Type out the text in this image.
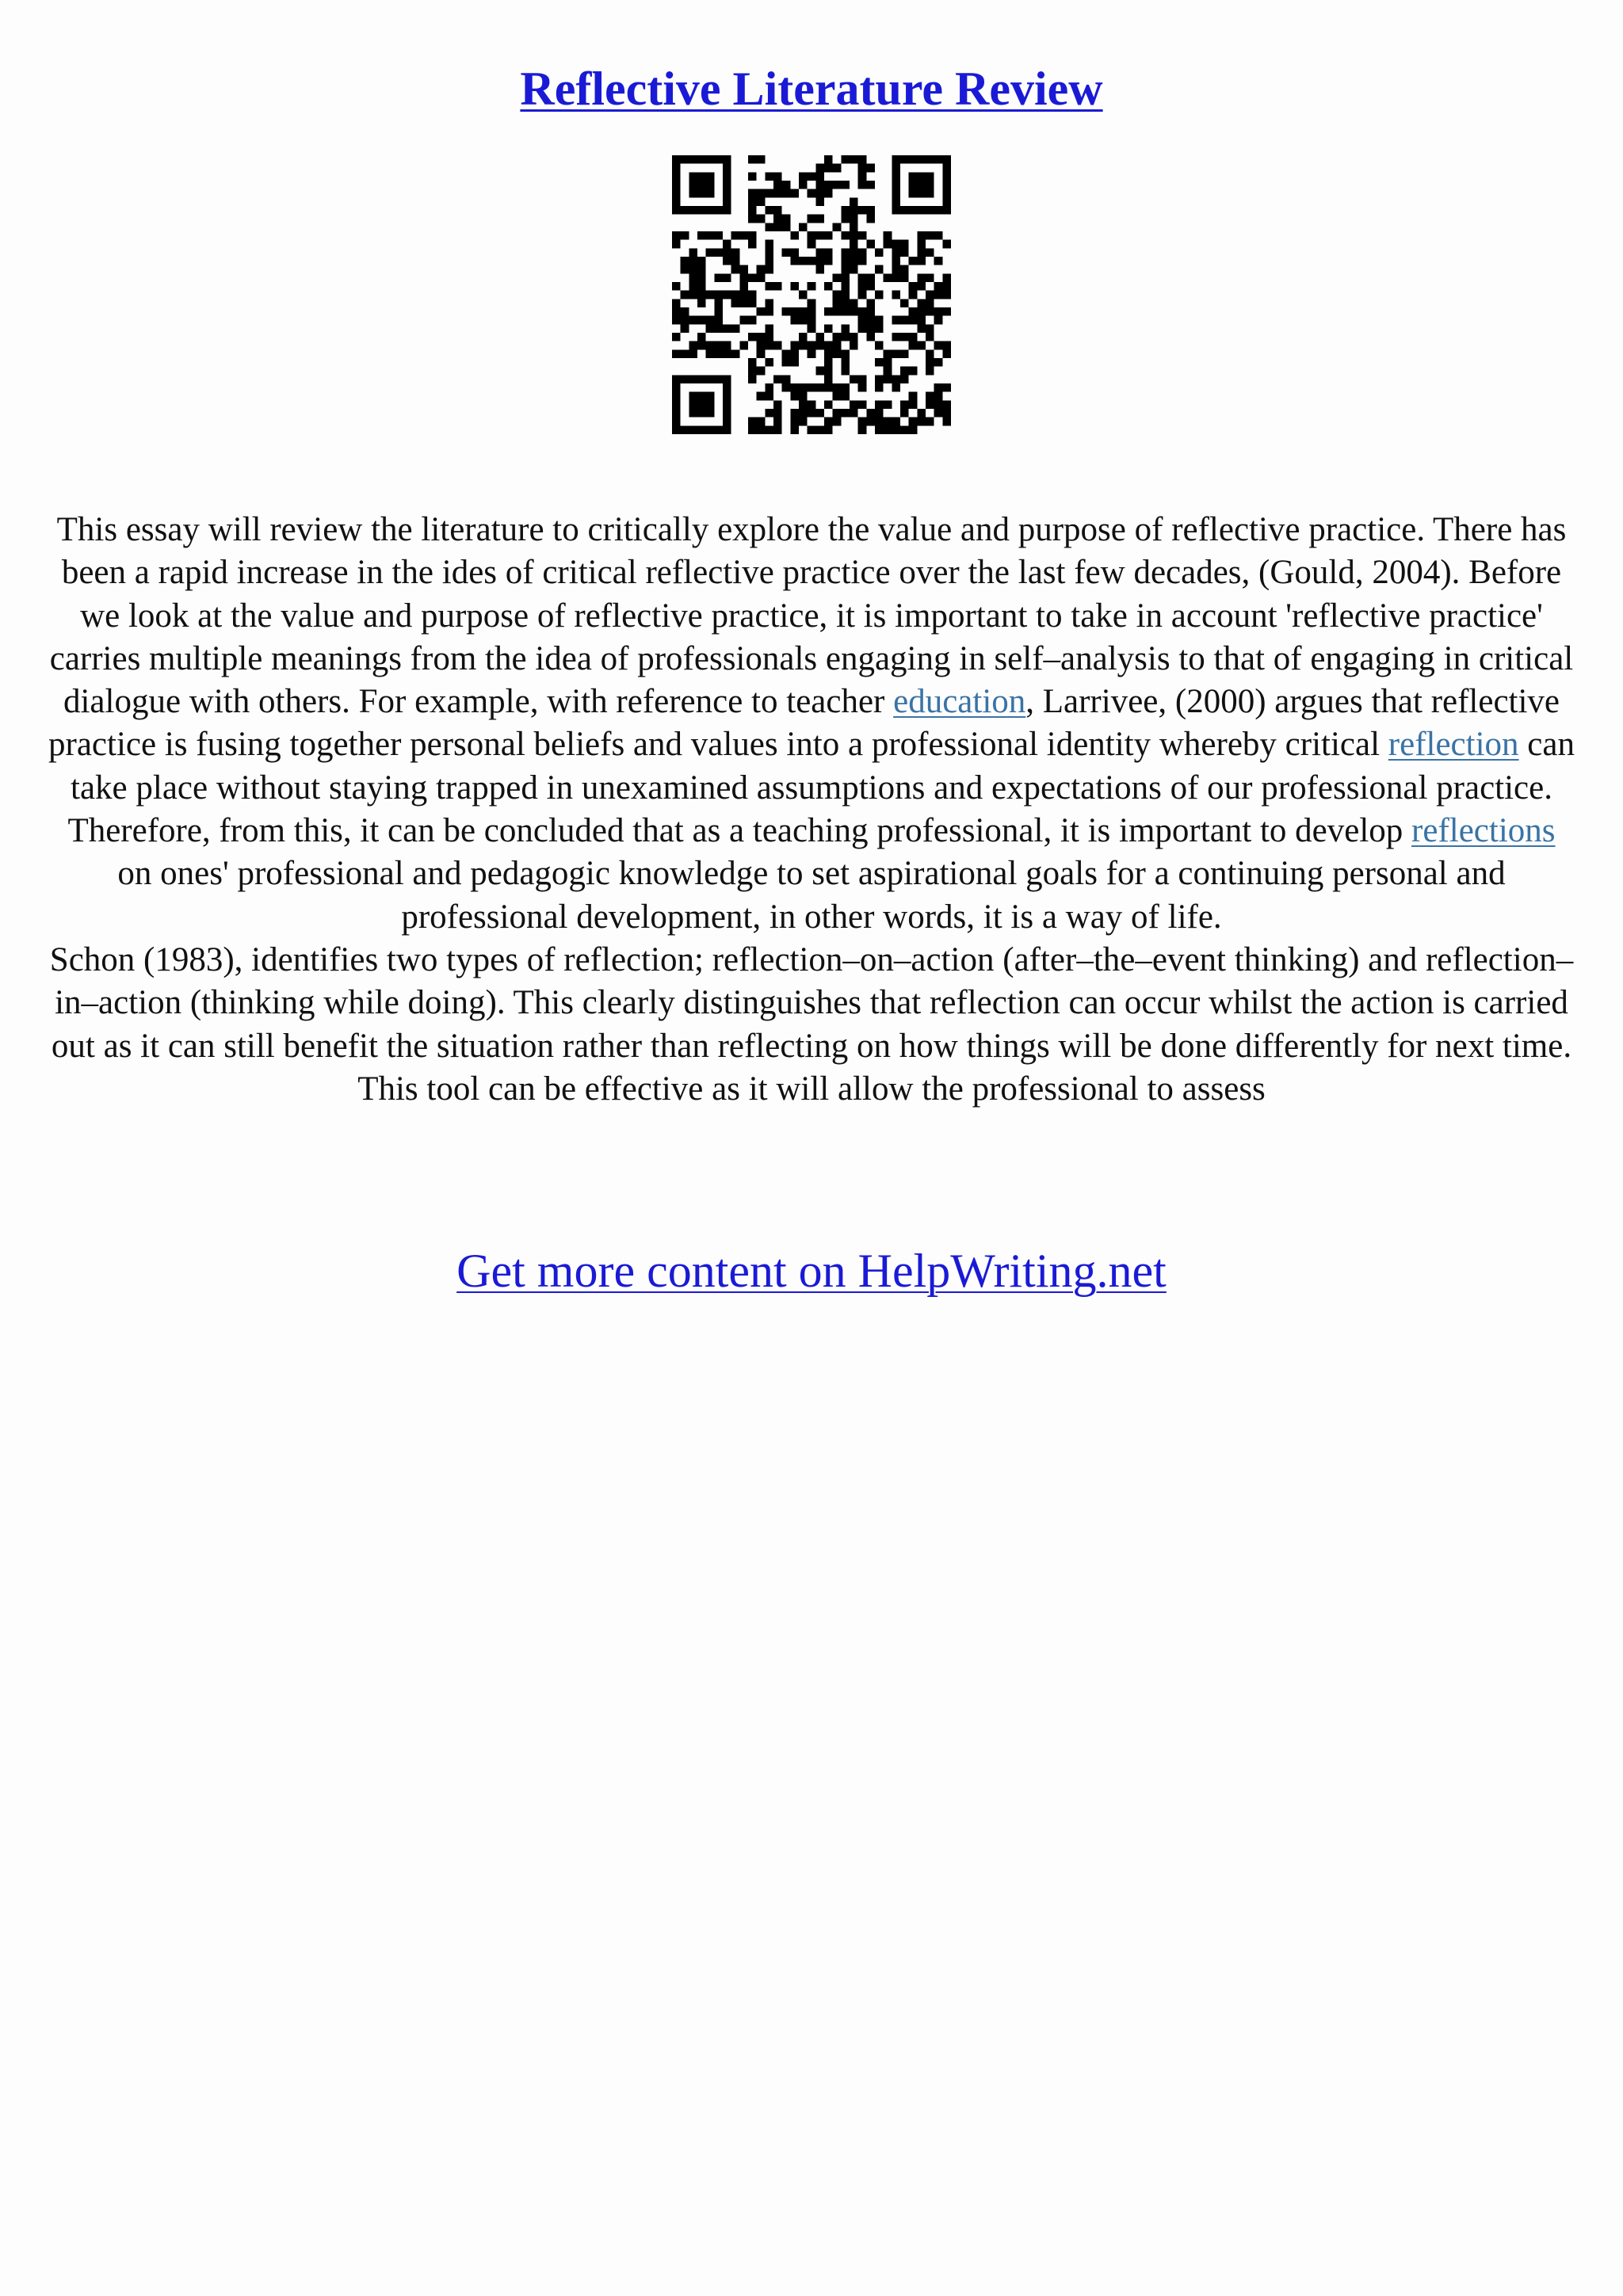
Reflective Literature Review

This essay will review the literature to critically explore the value and purpose of reflective practice. There has been a rapid increase in the ides of critical reflective practice over the last few decades, (Gould, 2004). Before we look at the value and purpose of reflective practice, it is important to take in account 'reflective practice' carries multiple meanings from the idea of professionals engaging in self–analysis to that of engaging in critical dialogue with others. For example, with reference to teacher education, Larrivee, (2000) argues that reflective practice is fusing together personal beliefs and values into a professional identity whereby critical reflection can take place without staying trapped in unexamined assumptions and expectations of our professional practice. Therefore, from this, it can be concluded that as a teaching professional, it is important to develop reflections on ones' professional and pedagogic knowledge to set aspirational goals for a continuing personal and professional development, in other words, it is a way of life.

Schon (1983), identifies two types of reflection; reflection–on–action (after–the–event thinking) and reflection–in–action (thinking while doing). This clearly distinguishes that reflection can occur whilst the action is carried out as it can still benefit the situation rather than reflecting on how things will be done differently for next time. This tool can be effective as it will allow the professional to assess

Get more content on HelpWriting.net
